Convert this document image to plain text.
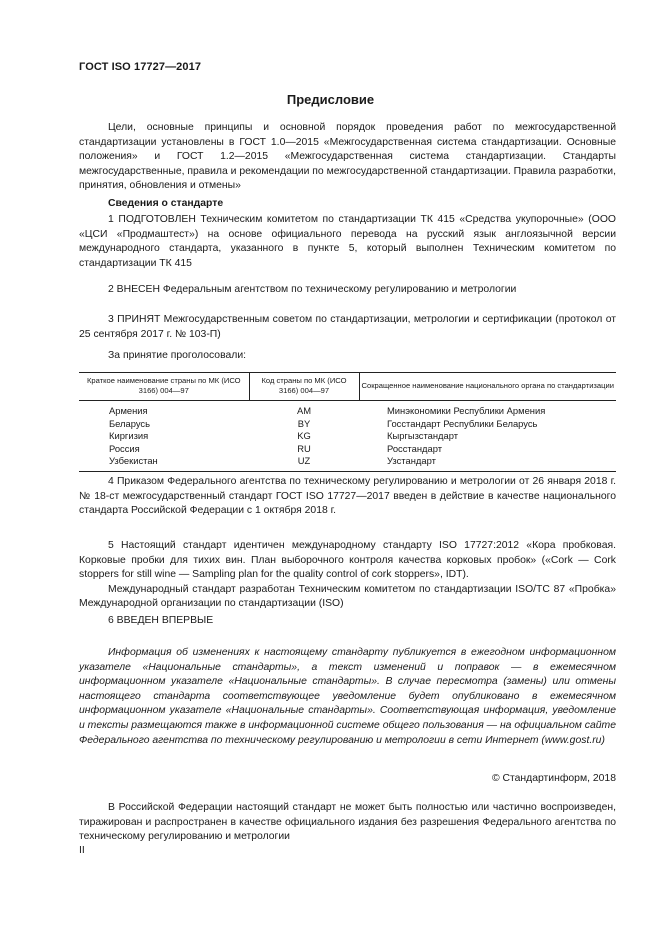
ГОСТ ISO 17727—2017
Предисловие

Цели, основные принципы и основной порядок проведения работ по межгосударственной стандартизации установлены в ГОСТ 1.0—2015 «Межгосударственная система стандартизации. Основные положения» и ГОСТ 1.2—2015 «Межгосударственная система стандартизации. Стандарты межгосударственные, правила и рекомендации по межгосударственной стандартизации. Правила разработки, принятия, обновления и отмены»

Сведения о стандарте

1 ПОДГОТОВЛЕН Техническим комитетом по стандартизации ТК 415 «Средства укупорочные» (ООО «ЦСИ «Продмаштест») на основе официального перевода на русский язык англоязычной версии международного стандарта, указанного в пункте 5, который выполнен Техническим комитетом по стандартизации ТК 415

2 ВНЕСЕН Федеральным агентством по техническому регулированию и метрологии

3 ПРИНЯТ Межгосударственным советом по стандартизации, метрологии и сертификации (протокол от 25 сентября 2017 г. № 103-П)

За принятие проголосовали:

Краткое наименование страны по МК (ИСО 3166) 004—97	Код страны по МК (ИСО 3166) 004—97	Сокращенное наименование национального органа по стандартизации
Армения	AM	Минэкономики Республики Армения
Беларусь	BY	Госстандарт Республики Беларусь
Киргизия	KG	Кыргызстандарт
Россия	RU	Росстандарт
Узбекистан	UZ	Узстандарт

4 Приказом Федерального агентства по техническому регулированию и метрологии от 26 января 2018 г. № 18-ст межгосударственный стандарт ГОСТ ISO 17727—2017 введен в действие в качестве национального стандарта Российской Федерации с 1 октября 2018 г.

5 Настоящий стандарт идентичен международному стандарту ISO 17727:2012 «Кора пробковая. Корковые пробки для тихих вин. План выборочного контроля качества корковых пробок» («Cork — Cork stoppers for still wine — Sampling plan for the quality control of cork stoppers», IDT).

Международный стандарт разработан Техническим комитетом по стандартизации ISO/TC 87 «Пробка» Международной организации по стандартизации (ISO)

6 ВВЕДЕН ВПЕРВЫЕ

Информация об изменениях к настоящему стандарту публикуется в ежегодном информационном указателе «Национальные стандарты», а текст изменений и поправок — в ежемесячном информационном указателе «Национальные стандарты». В случае пересмотра (замены) или отмены настоящего стандарта соответствующее уведомление будет опубликовано в ежемесячном информационном указателе «Национальные стандарты». Соответствующая информация, уведомление и тексты размещаются также в информационной системе общего пользования — на официальном сайте Федерального агентства по техническому регулированию и метрологии в сети Интернет (www.gost.ru)

© Стандартинформ, 2018

В Российской Федерации настоящий стандарт не может быть полностью или частично воспроизведен, тиражирован и распространен в качестве официального издания без разрешения Федерального агентства по техническому регулированию и метрологии

II
